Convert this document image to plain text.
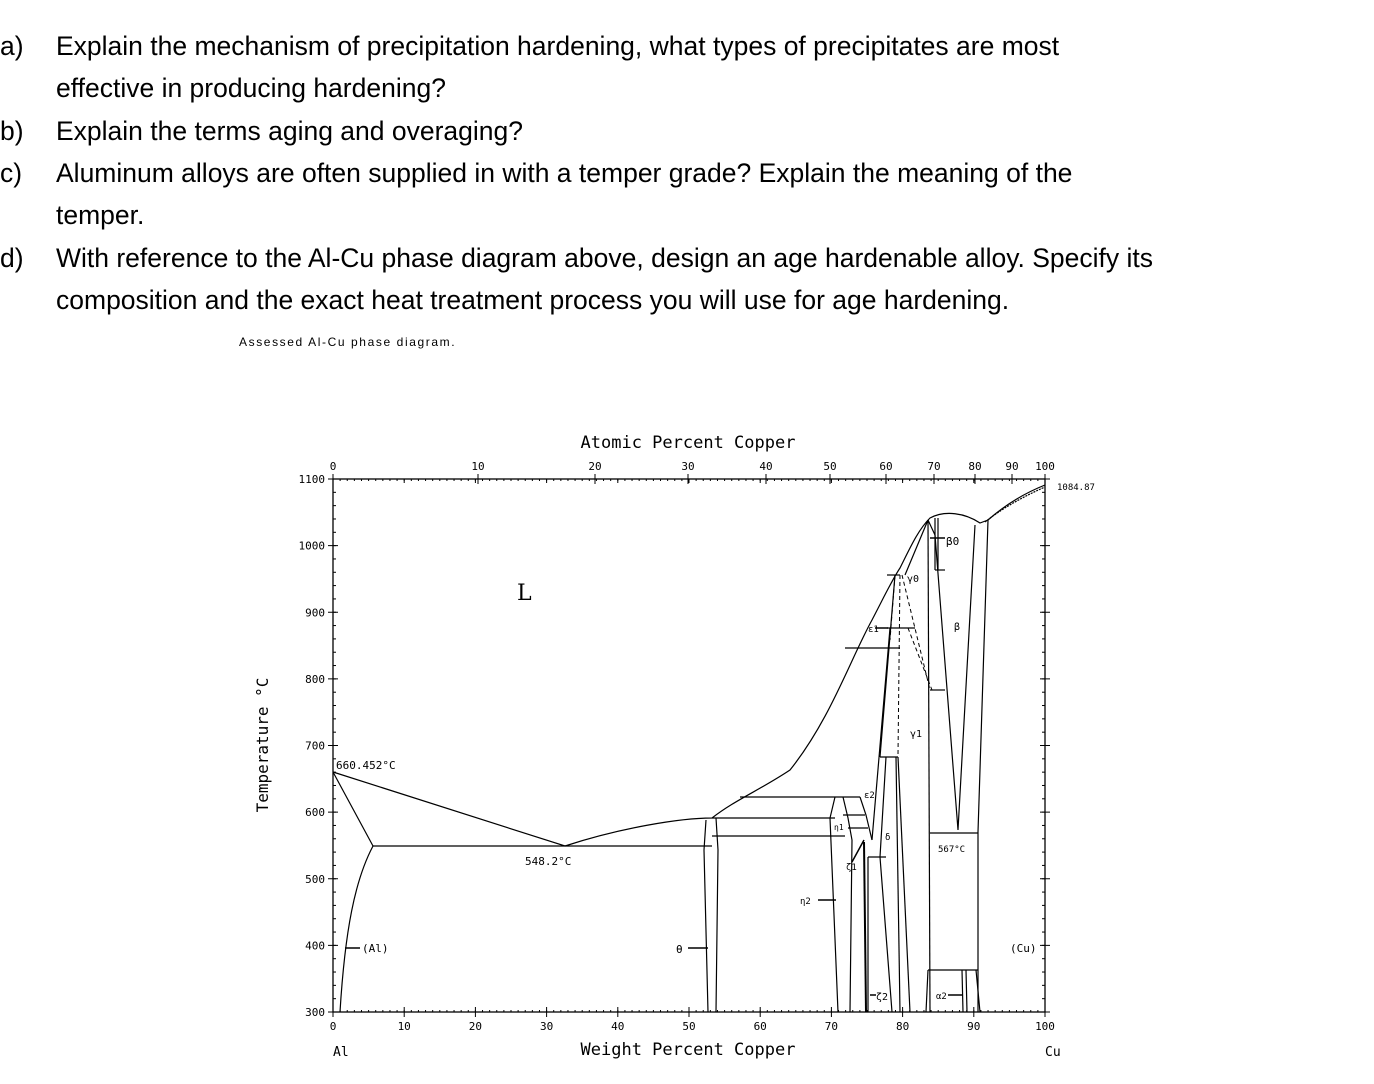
a) Explain the mechanism of precipitation hardening, what types of precipitates are most
effective in producing hardening?
b) Explain the terms aging and overaging?
c) Aluminum alloys are often supplied in with a temper grade? Explain the meaning of the
temper.
d) With reference to the Al-Cu phase diagram above, design an age hardenable alloy. Specify its
composition and the exact heat treatment process you will use for age hardening.
Assessed Al-Cu phase diagram.
0	10	20	30	40	50	60	70	80 90 100
0	10	20	30	40	50	60	70	80	90	100
1100
1000
900
800
700
600
500
400
300
660.452°C
548.2°C
(Al)	θ
η2
η1
ζ1
ζ2
ε1
ε2
δ
γ0
γ1
β0
β
567°C
(Cu)
α2
1084.87
Al	Cu
L
Atomic Percent Copper
Weight Percent Copper
Temperature °C
